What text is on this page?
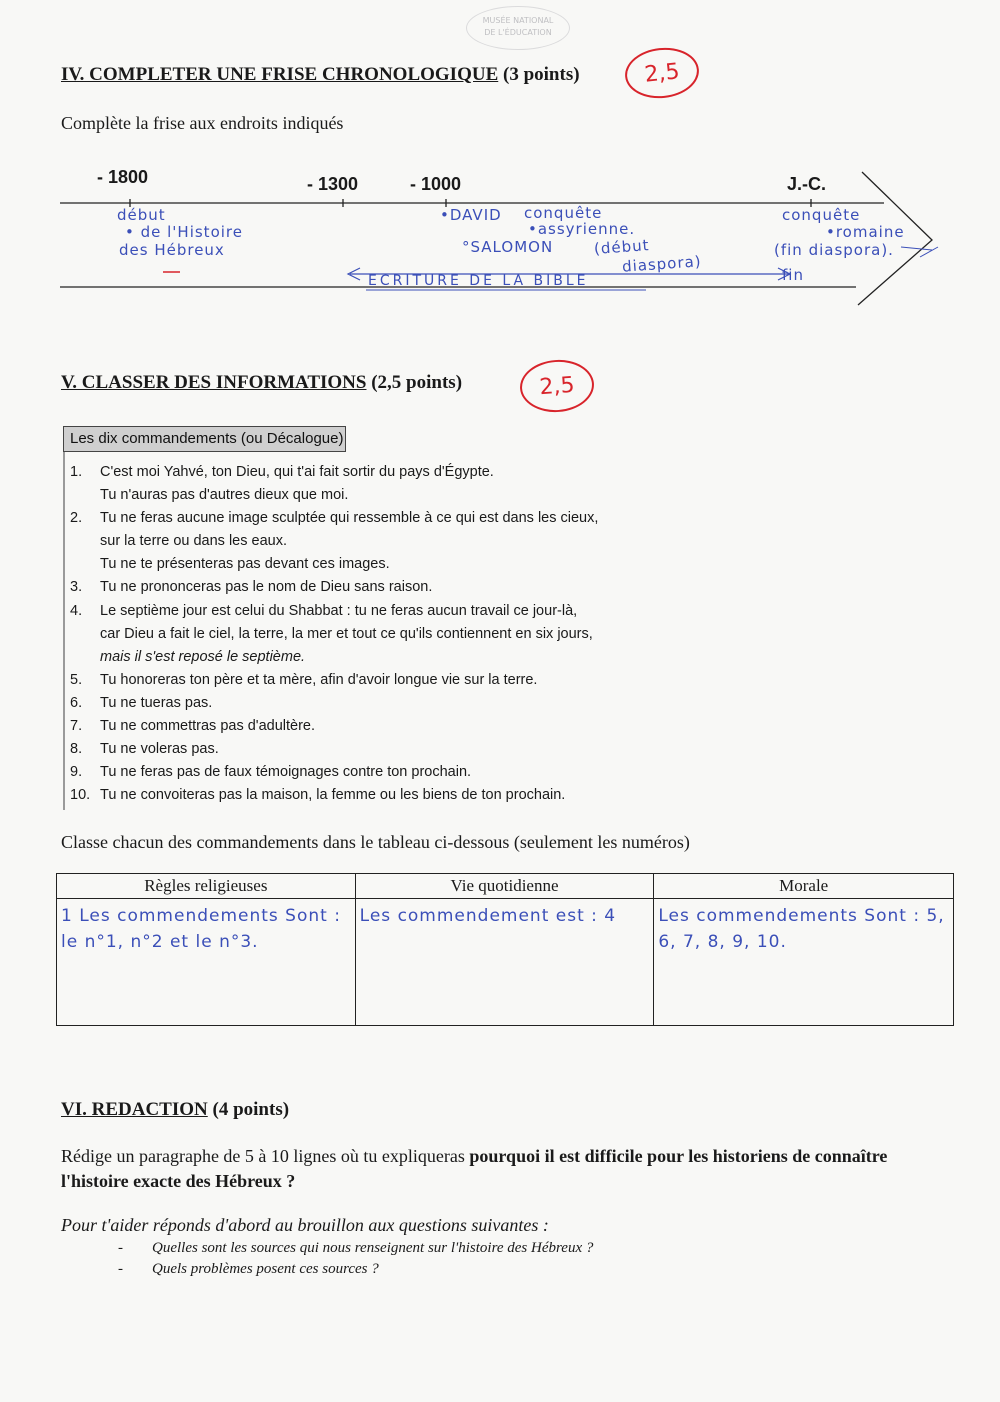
MUSÉE NATIONAL
DE L'ÉDUCATION
IV. COMPLETER UNE FRISE CHRONOLOGIQUE (3 points)	2,5
Complète la frise aux endroits indiqués
- 1800	- 1300	- 1000	J.-C.
début
• de l'Histoire
des Hébreux
•DAVID conquête
•assyrienne.
°SALOMON	(début
diaspora)
conquête
•romaine
(fin diaspora).
ECRITURE DE LA BIBLE	fin
V. CLASSER DES INFORMATIONS (2,5 points)	2,5
Les dix commandements (ou Décalogue)
1.	C'est moi Yahvé, ton Dieu, qui t'ai fait sortir du pays d'Égypte.
Tu n'auras pas d'autres dieux que moi.
2.	Tu ne feras aucune image sculptée qui ressemble à ce qui est dans les cieux,
sur la terre ou dans les eaux.
Tu ne te présenteras pas devant ces images.
3.	Tu ne prononceras pas le nom de Dieu sans raison.
4.	Le septième jour est celui du Shabbat : tu ne feras aucun travail ce jour-là,
car Dieu a fait le ciel, la terre, la mer et tout ce qu'ils contiennent en six jours,
mais il s'est reposé le septième.
5.	Tu honoreras ton père et ta mère, afin d'avoir longue vie sur la terre.
6.	Tu ne tueras pas.
7.	Tu ne commettras pas d'adultère.
8.	Tu ne voleras pas.
9.	Tu ne feras pas de faux témoignages contre ton prochain.
10. Tu ne convoiteras pas la maison, la femme ou les biens de ton prochain.
Classe chacun des commandements dans le tableau ci-dessous (seulement les numéros)
Règles religieuses	Vie quotidienne	Morale

1 Les commendements Sont : le n°1, n°2 et le n°3.	Les commendement est : 4	Les commendements Sont : 5, 6, 7, 8, 9, 10.
VI. REDACTION (4 points)
Rédige un paragraphe de 5 à 10 lignes où tu expliqueras pourquoi il est difficile pour les historiens de connaître l'histoire exacte des Hébreux ?
Pour t'aider réponds d'abord au brouillon aux questions suivantes :
- Quelles sont les sources qui nous renseignent sur l'histoire des Hébreux ?
- Quels problèmes posent ces sources ?
